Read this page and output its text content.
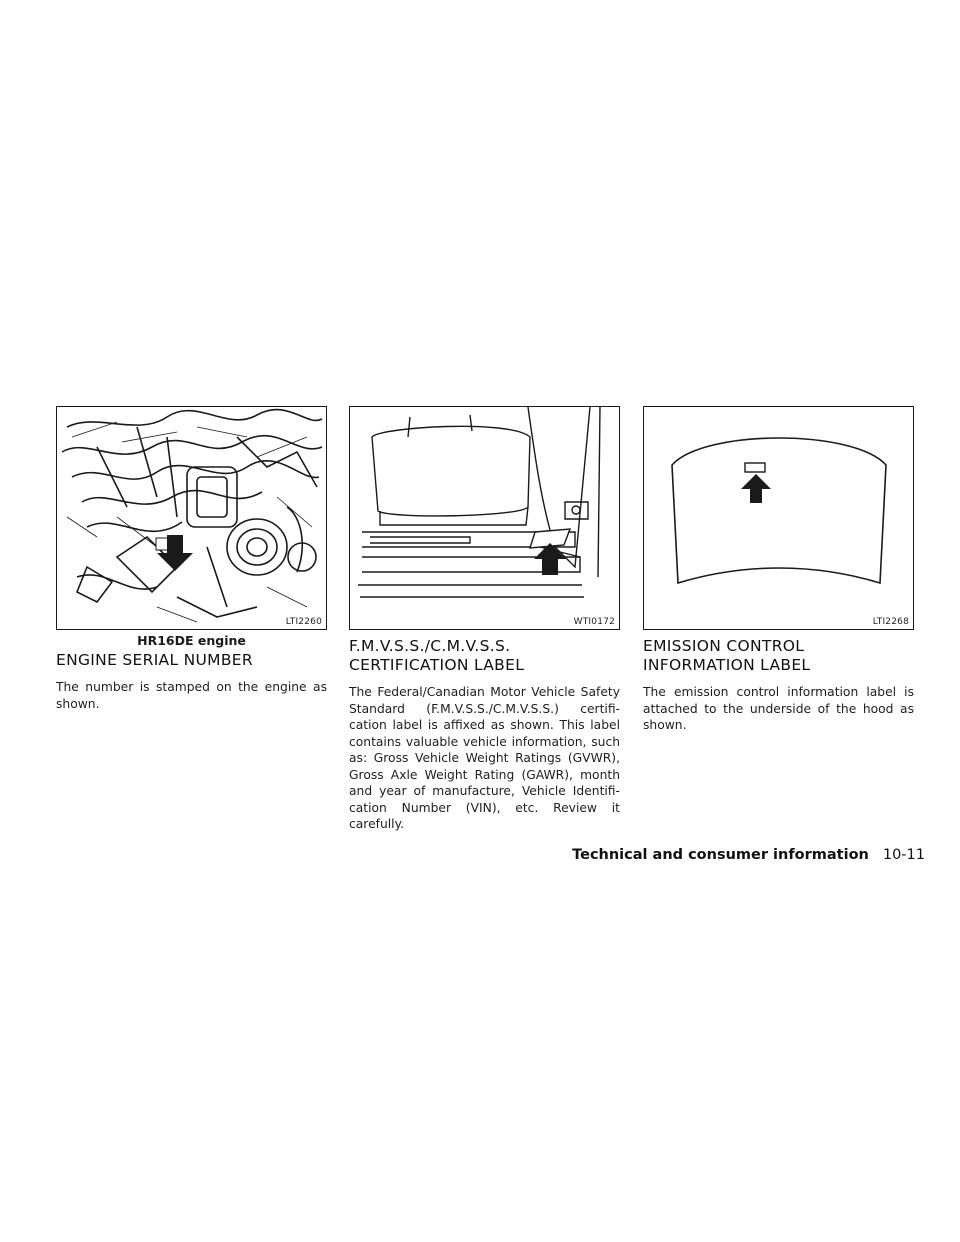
LTI2260
HR16DE engine
ENGINE SERIAL NUMBER
The number is stamped on the engine as shown.
WTI0172
F.M.V.S.S./C.M.V.S.S. CERTIFICATION LABEL
The Federal/Canadian Motor Vehicle Safety Standard (F.M.V.S.S./C.M.V.S.S.) certifi-cation label is affixed as shown. This label contains valuable vehicle information, such as: Gross Vehicle Weight Ratings (GVWR), Gross Axle Weight Rating (GAWR), month and year of manufacture, Vehicle Identifi-cation Number (VIN), etc. Review it carefully.
LTI2268
EMISSION CONTROL INFORMATION LABEL
The emission control information label is attached to the underside of the hood as shown.
Technical and consumer information 10-11
